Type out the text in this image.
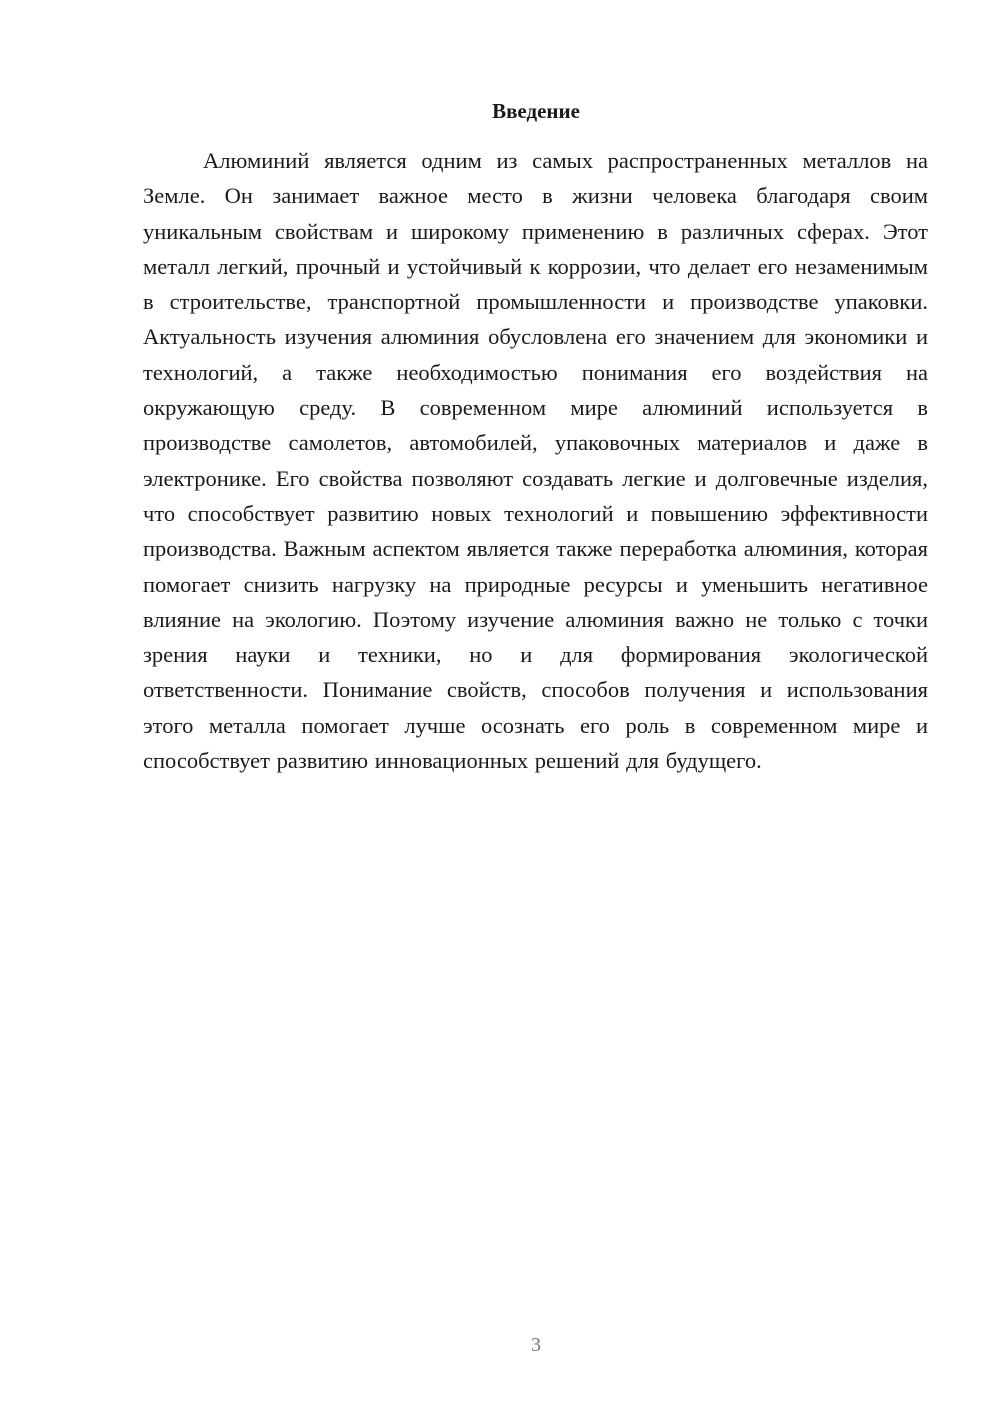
Введение

Алюминий является одним из самых распространенных металлов на Земле. Он занимает важное место в жизни человека благодаря своим уникальным свойствам и широкому применению в различных сферах. Этот металл легкий, прочный и устойчивый к коррозии, что делает его незаменимым в строительстве, транспортной промышленности и производстве упаковки. Актуальность изучения алюминия обусловлена его значением для экономики и технологий, а также необходимостью понимания его воздействия на окружающую среду. В современном мире алюминий используется в производстве самолетов, автомобилей, упаковочных материалов и даже в электронике. Его свойства позволяют создавать легкие и долговечные изделия, что способствует развитию новых технологий и повышению эффективности производства. Важным аспектом является также переработка алюминия, которая помогает снизить нагрузку на природные ресурсы и уменьшить негативное влияние на экологию. Поэтому изучение алюминия важно не только с точки зрения науки и техники, но и для формирования экологической ответственности. Понимание свойств, способов получения и использования этого металла помогает лучше осознать его роль в современном мире и способствует развитию инновационных решений для будущего.

3
